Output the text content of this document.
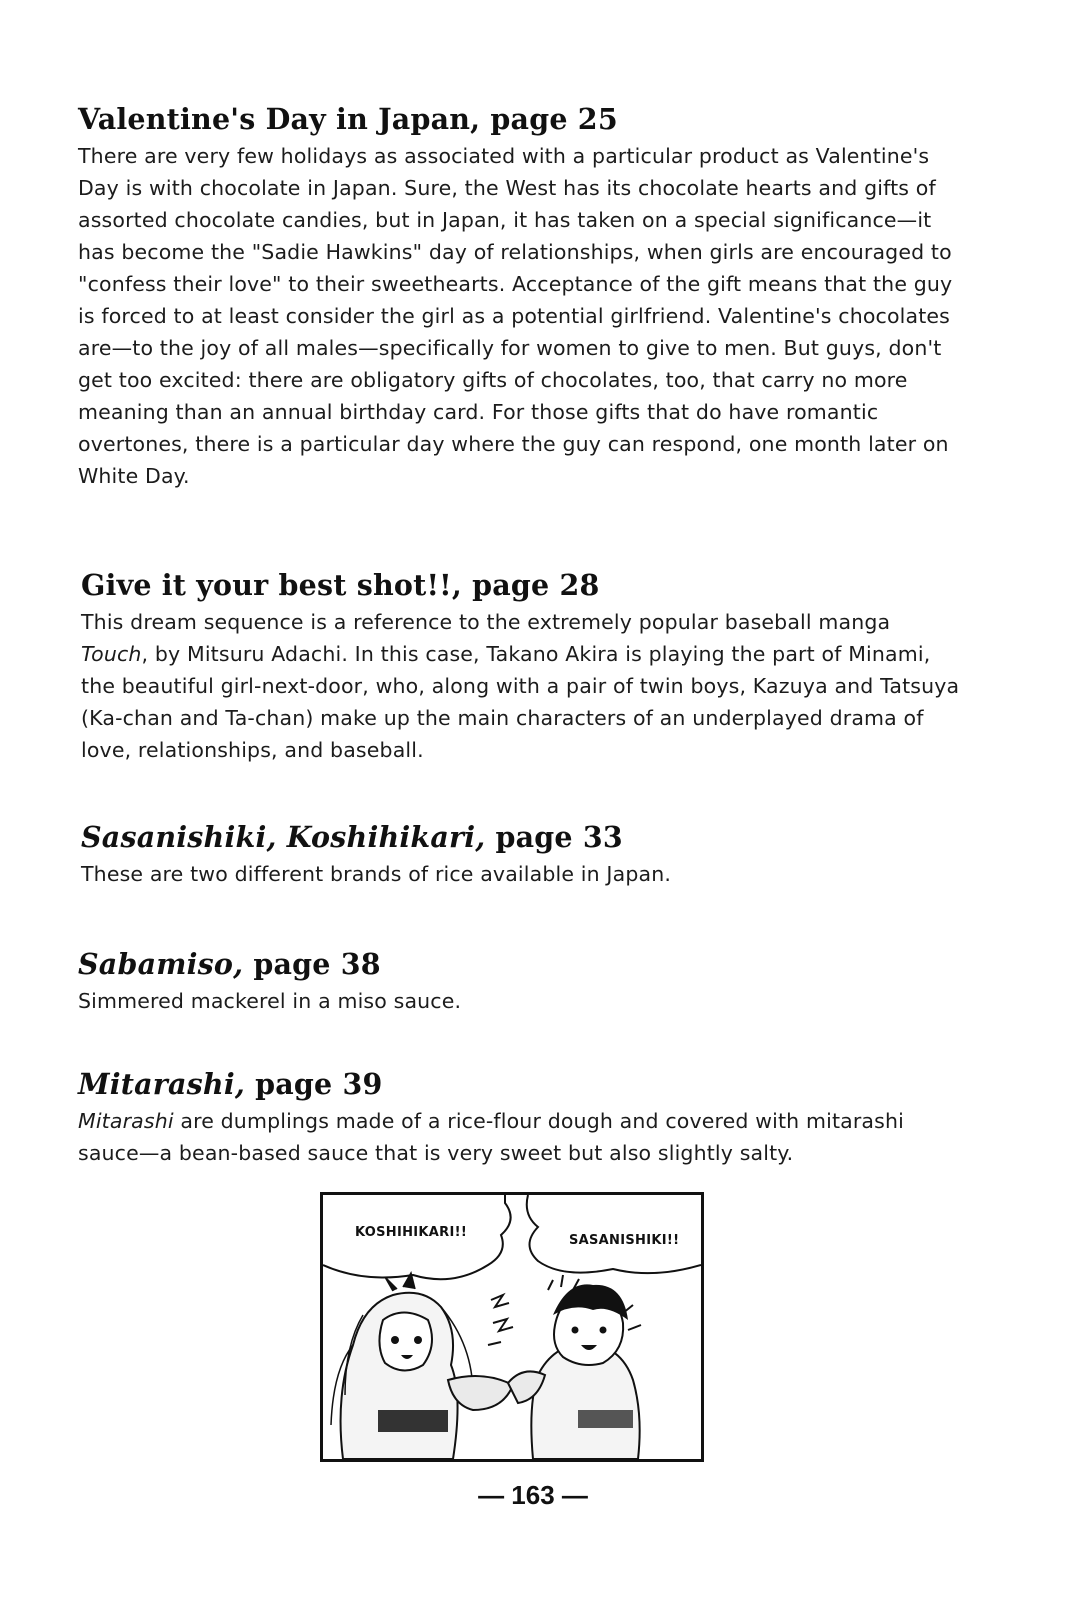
Valentine's Day in Japan, page 25

There are very few holidays as associated with a particular product as Valentine's Day is with chocolate in Japan. Sure, the West has its chocolate hearts and gifts of assorted chocolate candies, but in Japan, it has taken on a special significance—it has become the "Sadie Hawkins" day of relationships, when girls are encouraged to "confess their love" to their sweethearts. Acceptance of the gift means that the guy is forced to at least consider the girl as a potential girlfriend. Valentine's chocolates are—to the joy of all males—specifically for women to give to men. But guys, don't get too excited: there are obligatory gifts of chocolates, too, that carry no more meaning than an annual birthday card. For those gifts that do have romantic overtones, there is a particular day where the guy can respond, one month later on White Day.

Give it your best shot!!, page 28

This dream sequence is a reference to the extremely popular baseball manga Touch, by Mitsuru Adachi. In this case, Takano Akira is playing the part of Minami, the beautiful girl-next-door, who, along with a pair of twin boys, Kazuya and Tatsuya (Ka-chan and Ta-chan) make up the main characters of an underplayed drama of love, relationships, and baseball.

Sasanishiki, Koshihikari, page 33

These are two different brands of rice available in Japan.

Sabamiso, page 38

Simmered mackerel in a miso sauce.

Mitarashi, page 39

Mitarashi are dumplings made of a rice-flour dough and covered with mitarashi sauce—a bean-based sauce that is very sweet but also slightly salty.

KOSHIHIKARI!!
SASANISHIKI!!
— 163 —
